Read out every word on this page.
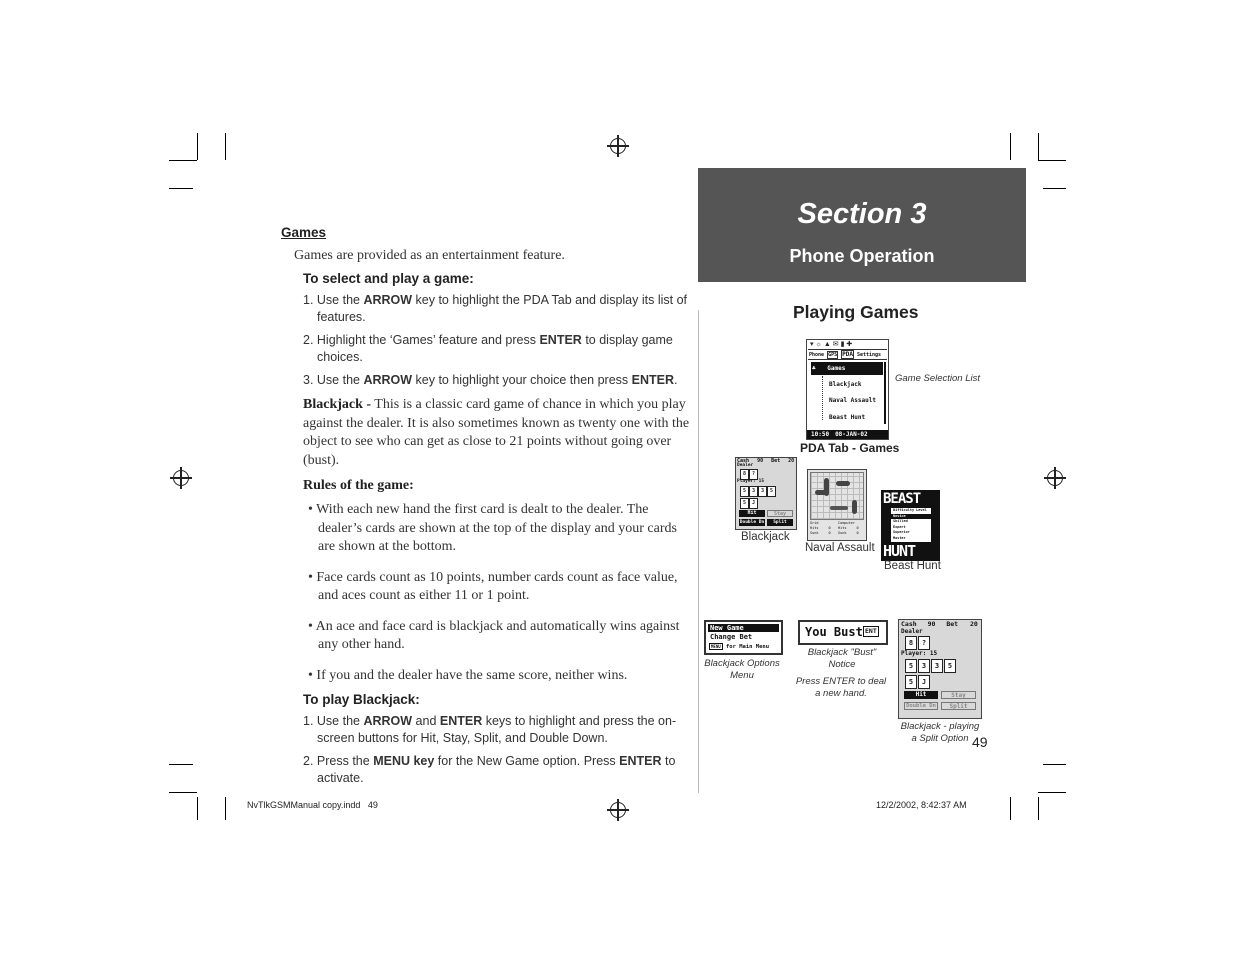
Games
Games are provided as an entertainment feature.
To select and play a game:
1. Use the ARROW key to highlight the PDA Tab and display its list of features.
2. Highlight the ‘Games’ feature and press ENTER to display game choices.
3. Use the ARROW key to highlight your choice then press ENTER.
Blackjack - This is a classic card game of chance in which you play against the dealer. It is also sometimes known as twenty one with the object to see who can get as close to 21 points without going over (bust).
Rules of the game:
• With each new hand the first card is dealt to the dealer. The dealer’s cards are shown at the top of the display and your cards are shown at the bottom.
• Face cards count as 10 points, number cards count as face value, and aces count as either 11 or 1 point.
• An ace and face card is blackjack and automatically wins against any other hand.
• If you and the dealer have the same score, neither wins.
To play Blackjack:
1. Use the ARROW and ENTER keys to highlight and press the on-screen buttons for Hit, Stay, Split, and Double Down.
2. Press the MENU key for the New Game option. Press ENTER to activate.
Section 3
Phone Operation
Playing Games
▾ ☼ ▲ ✉ ▮ ✚
Phone GPS PDA Settings
♣ Games
Blackjack
Naval Assault
Beast Hunt
10:50 08-JAN-02
Game Selection List
PDA Tab - Games
Cash 90 Bet 20
Dealer
8	?
Player: 15
5	3	3	5
5	J
Hit	Stay
Double Dn	Split
Blackjack
Grid
Hits	0
Sunk	0
Computer
Hits	0
Sunk	0
Naval Assault
BEAST
Difficulty Level
Novice
Skilled
Expert
Superior
Master
HUNT
Beast Hunt
New Game
Change Bet
MENU for Main Menu
Blackjack Options Menu
You Bust ENT
Blackjack "Bust" Notice
Press ENTER to deal a new hand.
Cash 90 Bet 20
Dealer
8	?
Player: 15
5	3	3	5
5	J
Hit	Stay
Double Dn	Split
Blackjack - playing a Split Option 49
NvTlkGSMManual copy.indd   49	12/2/2002, 8:42:37 AM
